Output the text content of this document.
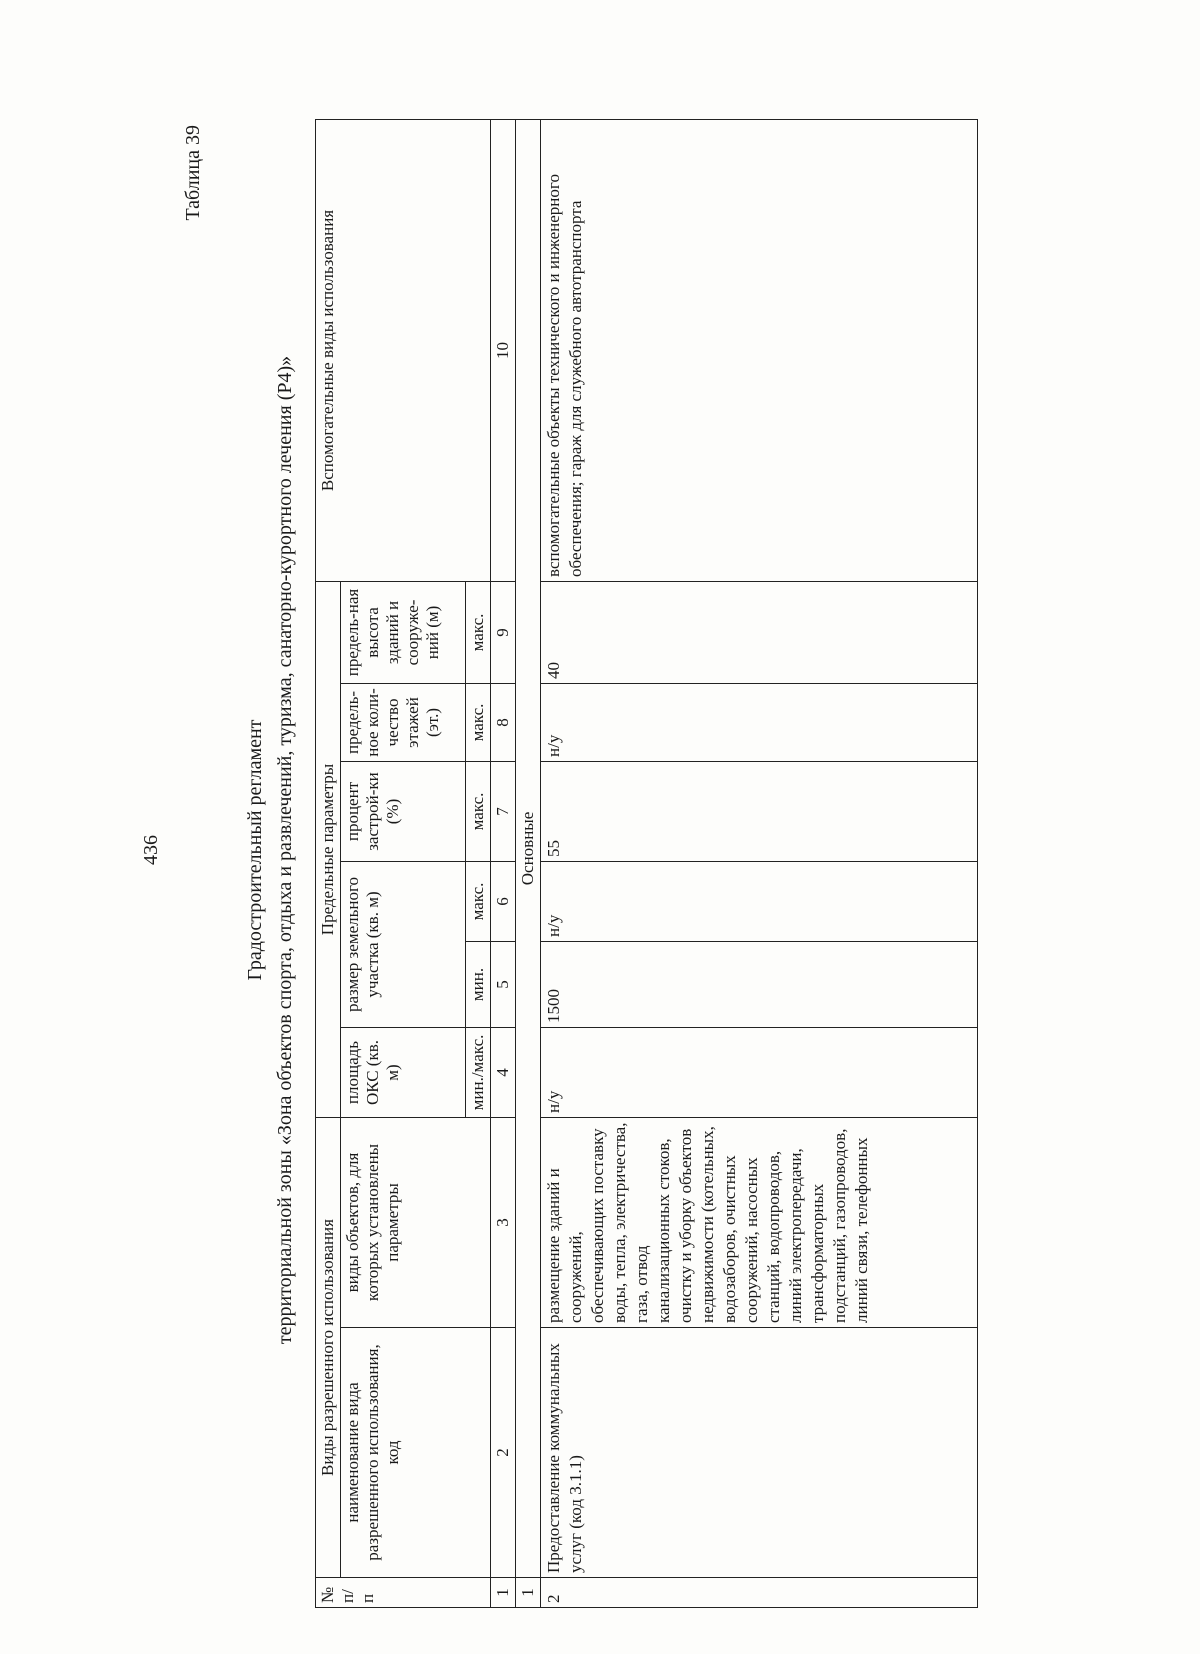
436
Таблица 39
Градостроительный регламент территориальной зоны «Зона объектов спорта, отдыха и развлечений, туризма, санаторно-курортного лечения (Р4)»
№ п/ п	Виды разрешенного использования		Предельные параметры						Вспомогательные виды использования
	наименование вида разрешенного использования, код	виды объектов, для которых установлены параметры	площадь ОКС (кв. м)	размер земельного участка (кв. м)		процент застрой-ки (%)	предель-ное коли-чество этажей (эт.)	предель-ная высота зданий и сооруже-ний (м)	
			мин./макс.	мин.	макс.	макс.	макс.	макс.	
1	2	3	4	5	6	7	8	9	10
1	Основные								
2	Предоставление коммунальных услуг (код 3.1.1)	размещение зданий и сооружений, обеспечивающих поставку воды, тепла, электричества, газа, отвод канализационных стоков, очистку и уборку объектов недвижимости (котельных, водозаборов, очистных сооружений, насосных станций, водопроводов, линий электропередачи, трансформаторных подстанций, газопроводов, линий связи, телефонных	н/у	1500	н/у	55	н/у	40	вспомогательные объекты технического и инженерного обеспечения; гараж для служебного автотранспорта
